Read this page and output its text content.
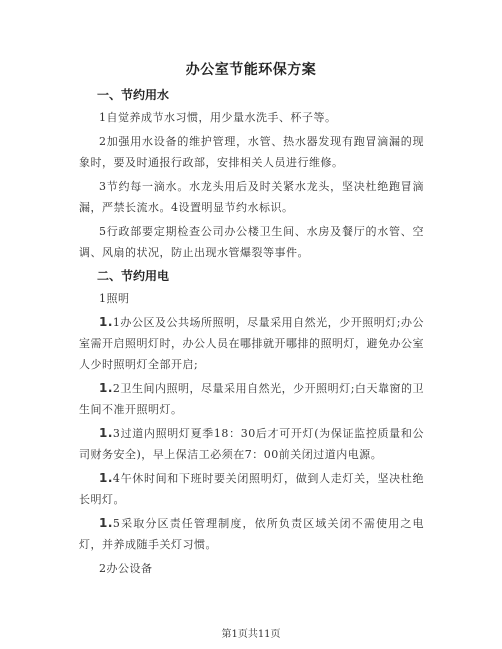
办公室节能环保方案
一、节约用水

1自觉养成节水习惯，用少量水洗手、杯子等。

2加强用水设备的维护管理，水管、热水器发现有跑冒滴漏的现象时，要及时通报行政部，安排相关人员进行维修。

3节约每一滴水。水龙头用后及时关紧水龙头，坚决杜绝跑冒滴漏，严禁长流水。4设置明显节约水标识。

5行政部要定期检查公司办公楼卫生间、水房及餐厅的水管、空调、风扇的状况，防止出现水管爆裂等事件。

二、节约用电

1照明

1.1办公区及公共场所照明，尽量采用自然光，少开照明灯;办公室需开启照明灯时，办公人员在哪排就开哪排的照明灯，避免办公室人少时照明灯全部开启;

1.2卫生间内照明，尽量采用自然光，少开照明灯;白天靠窗的卫生间不准开照明灯。

1.3过道内照明灯夏季18：30后才可开灯(为保证监控质量和公司财务安全)，早上保洁工必须在7：00前关闭过道内电源。

1.4午休时间和下班时要关闭照明灯，做到人走灯关，坚决杜绝长明灯。

1.5采取分区责任管理制度，依所负责区域关闭不需使用之电灯，并养成随手关灯习惯。

2办公设备

第1页共11页
